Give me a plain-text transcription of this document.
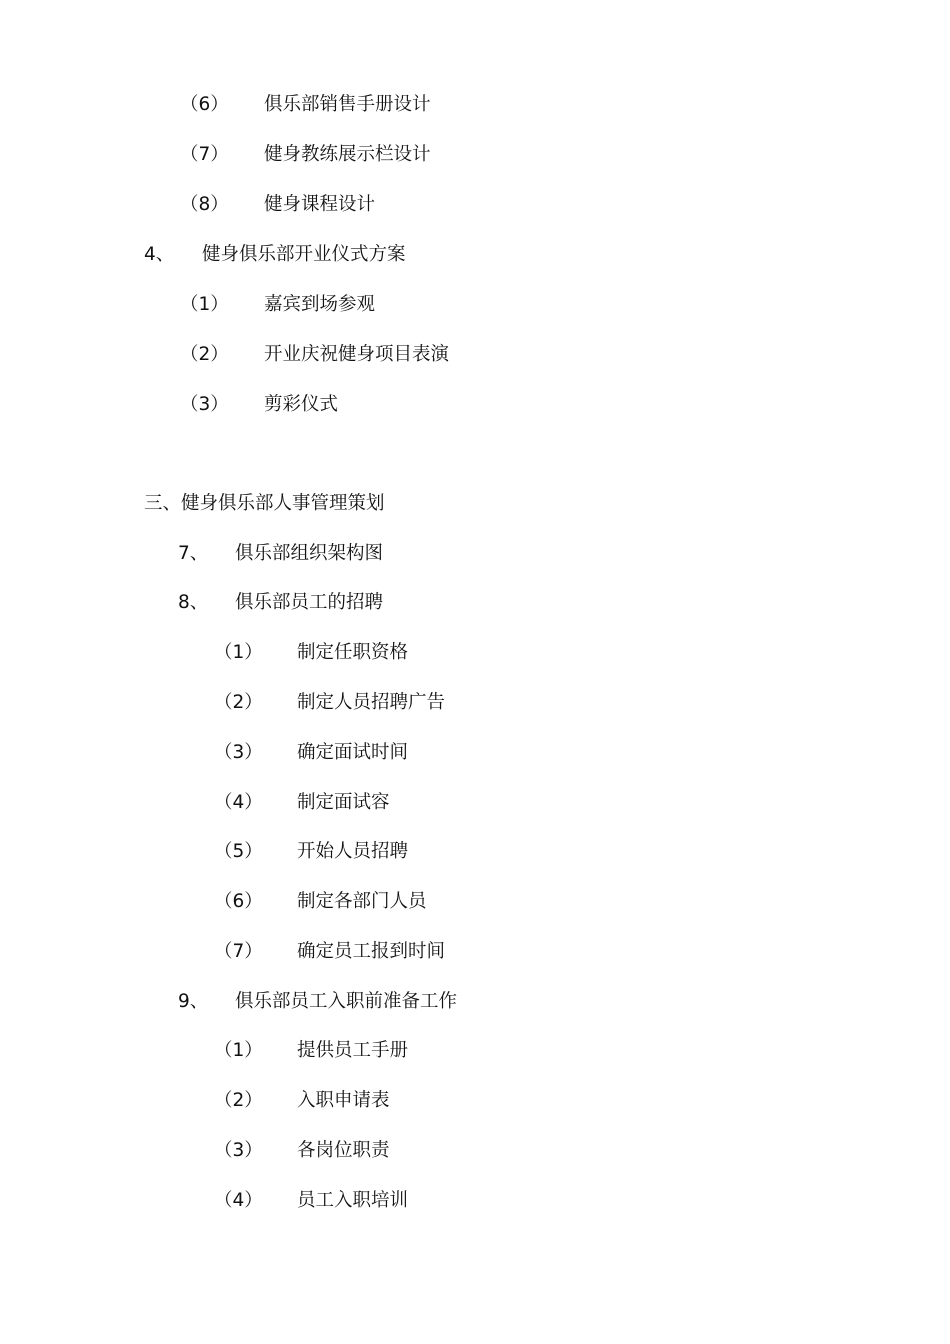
（6） 俱乐部销售手册设计
（7） 健身教练展示栏设计
（8） 健身课程设计
4、 健身俱乐部开业仪式方案
（1） 嘉宾到场参观
（2） 开业庆祝健身项目表演
（3） 剪彩仪式
三、健身俱乐部人事管理策划
7、 俱乐部组织架构图
8、 俱乐部员工的招聘
（1） 制定任职资格
（2） 制定人员招聘广告
（3） 确定面试时间
（4） 制定面试容
（5） 开始人员招聘
（6） 制定各部门人员
（7） 确定员工报到时间
9、 俱乐部员工入职前准备工作
（1） 提供员工手册
（2） 入职申请表
（3） 各岗位职责
（4） 员工入职培训
